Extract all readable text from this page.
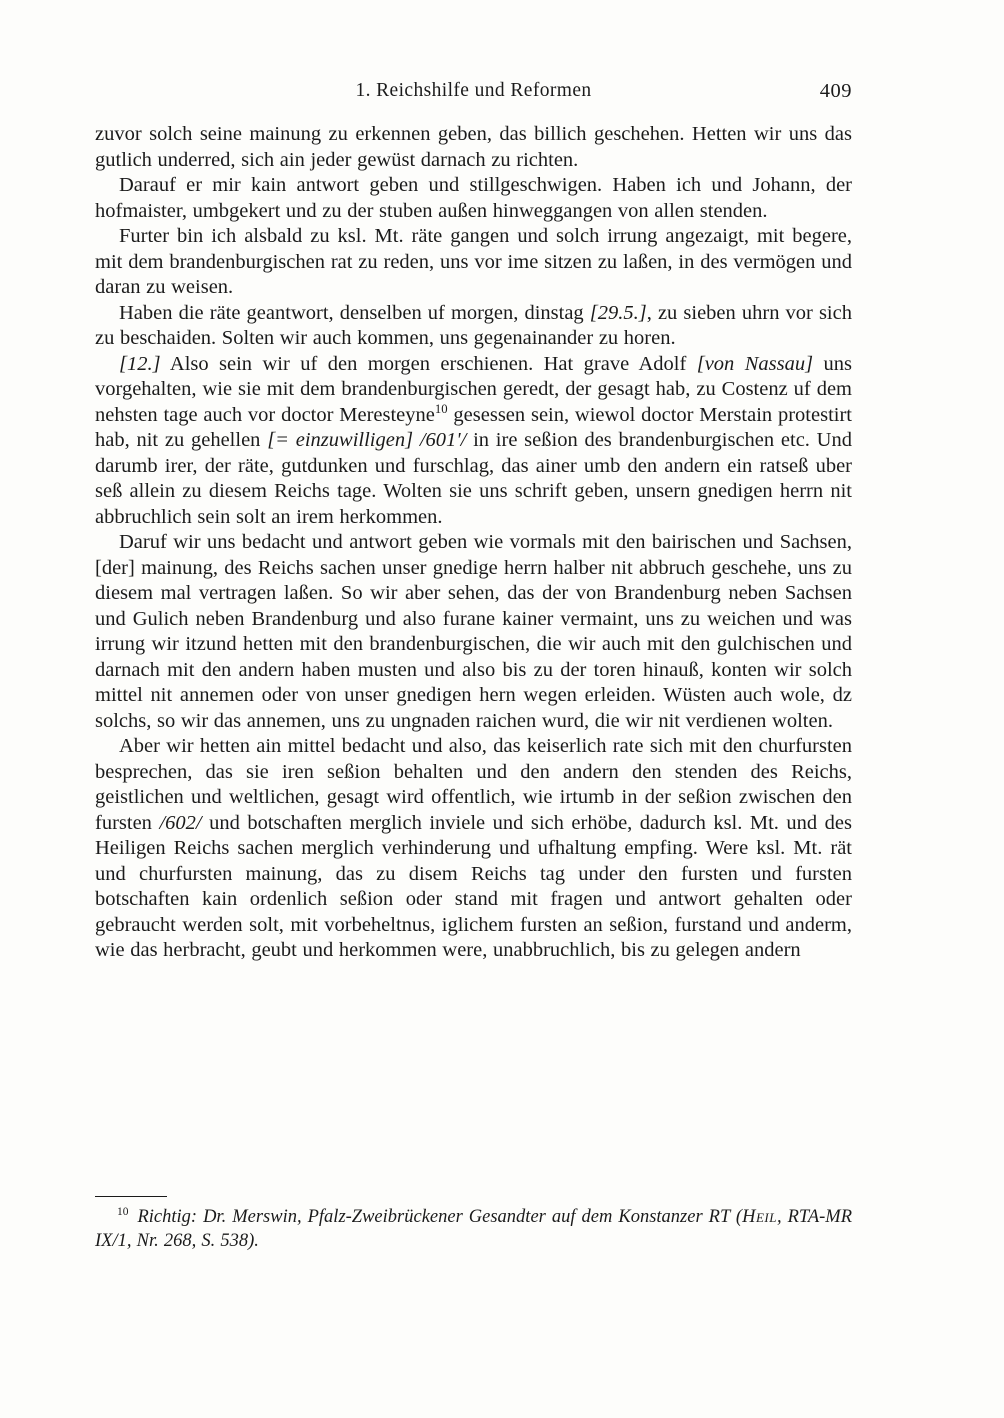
1. Reichshilfe und Reformen	409

zuvor solch seine mainung zu erkennen geben, das billich geschehen. Hetten wir uns das gutlich underred, sich ain jeder gewüst darnach zu richten.

Darauf er mir kain antwort geben und stillgeschwigen. Haben ich und Johann, der hofmaister, umbgekert und zu der stuben außen hinweggangen von allen stenden.

Furter bin ich alsbald zu ksl. Mt. räte gangen und solch irrung angezaigt, mit begere, mit dem brandenburgischen rat zu reden, uns vor ime sitzen zu laßen, in des vermögen und daran zu weisen.

Haben die räte geantwort, denselben uf morgen, dinstag [29.5.], zu sieben uhrn vor sich zu beschaiden. Solten wir auch kommen, uns gegenainander zu horen.

[12.] Also sein wir uf den morgen erschienen. Hat grave Adolf [von Nassau] uns vorgehalten, wie sie mit dem brandenburgischen geredt, der gesagt hab, zu Costenz uf dem nehsten tage auch vor doctor Meresteyne$^{10}$ gesessen sein, wiewol doctor Merstain protestirt hab, nit zu gehellen [= einzuwilligen] /601'/ in ire seßion des brandenburgischen etc. Und darumb irer, der räte, gutdunken und furschlag, das ainer umb den andern ein ratseß uber seß allein zu diesem Reichs tage. Wolten sie uns schrift geben, unsern gnedigen herrn nit abbruchlich sein solt an irem herkommen.

Daruf wir uns bedacht und antwort geben wie vormals mit den bairischen und Sachsen, [der] mainung, des Reichs sachen unser gnedige herrn halber nit abbruch geschehe, uns zu diesem mal vertragen laßen. So wir aber sehen, das der von Brandenburg neben Sachsen und Gulich neben Brandenburg und also furane kainer vermaint, uns zu weichen und was irrung wir itzund hetten mit den brandenburgischen, die wir auch mit den gulchischen und darnach mit den andern haben musten und also bis zu der toren hinauß, konten wir solch mittel nit annemen oder von unser gnedigen hern wegen erleiden. Wüsten auch wole, dz solchs, so wir das annemen, uns zu ungnaden raichen wurd, die wir nit verdienen wolten.

Aber wir hetten ain mittel bedacht und also, das keiserlich rate sich mit den churfursten besprechen, das sie iren seßion behalten und den andern den stenden des Reichs, geistlichen und weltlichen, gesagt wird offentlich, wie irtumb in der seßion zwischen den fursten /602/ und botschaften merglich inviele und sich erhöbe, dadurch ksl. Mt. und des Heiligen Reichs sachen merglich verhinderung und ufhaltung empfing. Were ksl. Mt. rät und churfursten mainung, das zu disem Reichs tag under den fursten und fursten botschaften kain ordenlich seßion oder stand mit fragen und antwort gehalten oder gebraucht werden solt, mit vorbeheltnus, iglichem fursten an seßion, furstand und anderm, wie das herbracht, geubt und herkommen were, unabbruchlich, bis zu gelegen andern

$^{10}$ Richtig: Dr. Merswin, Pfalz-Zweibrückener Gesandter auf dem Konstanzer RT (Heil, RTA-MR IX/1, Nr. 268, S. 538).
